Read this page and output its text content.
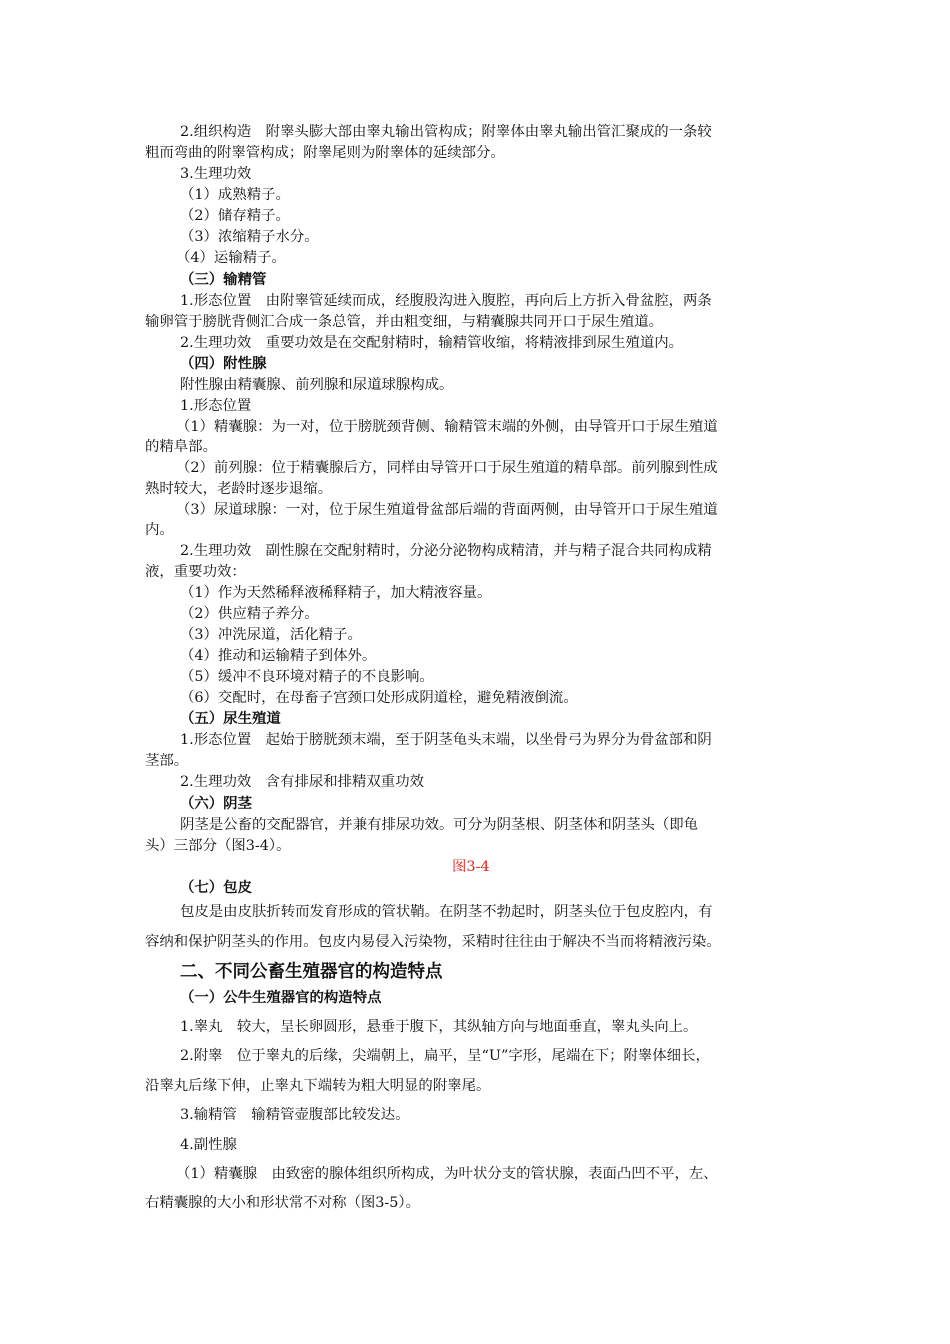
2.组织构造　附睾头膨大部由睾丸输出管构成；附睾体由睾丸输出管汇聚成的一条较
粗而弯曲的附睾管构成；附睾尾则为附睾体的延续部分。
3.生理功效
（1）成熟精子。
（2）储存精子。
（3）浓缩精子水分。
（4）运输精子。
（三）输精管
1.形态位置　由附睾管延续而成，经腹股沟进入腹腔，再向后上方折入骨盆腔，两条
输卵管于膀胱背侧汇合成一条总管，并由粗变细，与精囊腺共同开口于尿生殖道。
2.生理功效　重要功效是在交配射精时，输精管收缩，将精液排到尿生殖道内。
（四）附性腺
附性腺由精囊腺、前列腺和尿道球腺构成。
1.形态位置
（1）精囊腺：为一对，位于膀胱颈背侧、输精管末端的外侧，由导管开口于尿生殖道
的精阜部。
（2）前列腺：位于精囊腺后方，同样由导管开口于尿生殖道的精阜部。前列腺到性成
熟时较大，老龄时逐步退缩。
（3）尿道球腺：一对，位于尿生殖道骨盆部后端的背面两侧，由导管开口于尿生殖道
内。
2.生理功效　副性腺在交配射精时，分泌分泌物构成精清，并与精子混合共同构成精
液，重要功效：
（1）作为天然稀释液稀释精子，加大精液容量。
（2）供应精子养分。
（3）冲洗尿道，活化精子。
（4）推动和运输精子到体外。
（5）缓冲不良环境对精子的不良影响。
（6）交配时，在母畜子宫颈口处形成阴道栓，避免精液倒流。
（五）尿生殖道
1.形态位置　起始于膀胱颈末端，至于阴茎龟头末端，以坐骨弓为界分为骨盆部和阴
茎部。
2.生理功效　含有排尿和排精双重功效
（六）阴茎
阴茎是公畜的交配器官，并兼有排尿功效。可分为阴茎根、阴茎体和阴茎头（即龟
头）三部分（图3-4）。
图3-4
（七）包皮
包皮是由皮肤折转而发育形成的管状鞘。在阴茎不勃起时，阴茎头位于包皮腔内，有
容纳和保护阴茎头的作用。包皮内易侵入污染物，采精时往往由于解决不当而将精液污染。
二、不同公畜生殖器官的构造特点
（一）公牛生殖器官的构造特点
1.睾丸　较大，呈长卵圆形，悬垂于腹下，其纵轴方向与地面垂直，睾丸头向上。
2.附睾　位于睾丸的后缘，尖端朝上，扁平，呈“U”字形，尾端在下；附睾体细长，
沿睾丸后缘下伸，止睾丸下端转为粗大明显的附睾尾。
3.输精管　输精管壶腹部比较发达。
4.副性腺
（1）精囊腺　由致密的腺体组织所构成，为叶状分支的管状腺，表面凸凹不平，左、
右精囊腺的大小和形状常不对称（图3-5）。
